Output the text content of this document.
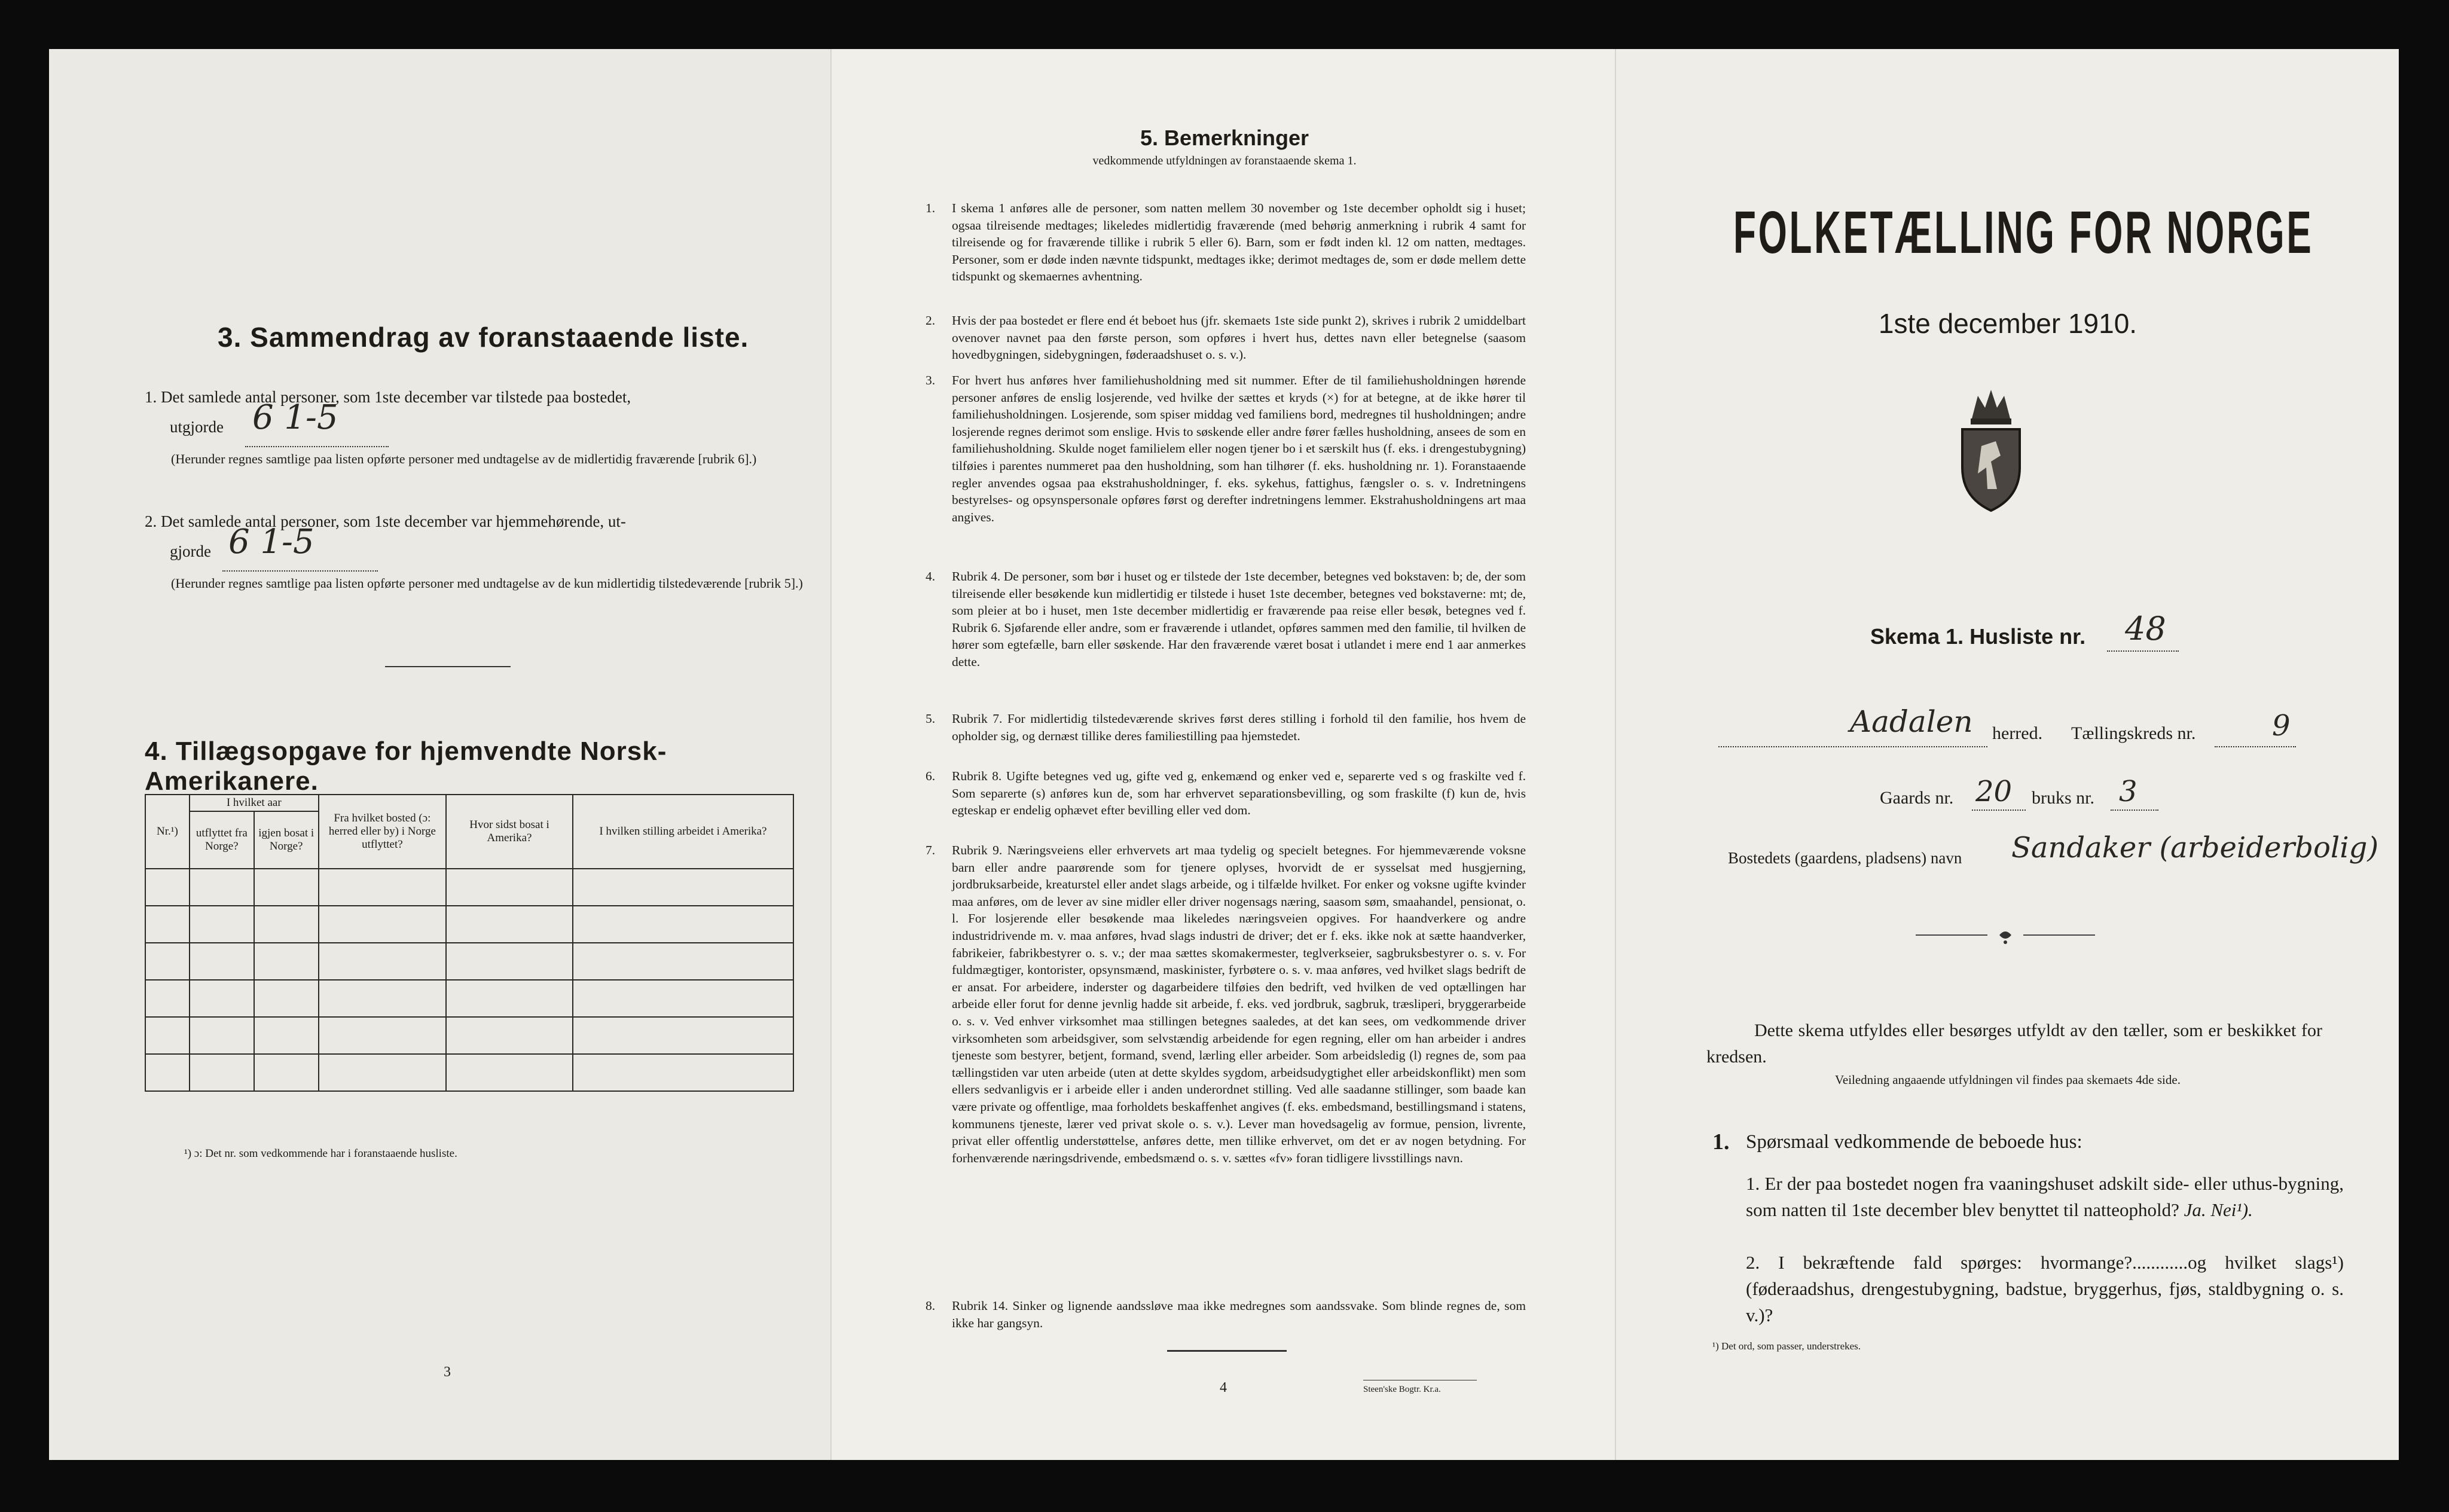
3. Sammendrag av foranstaaende liste.
1. Det samlede antal personer, som 1ste december var tilstede paa bostedet,
utgjorde 6 1-5
(Herunder regnes samtlige paa listen opførte personer med undtagelse av de midlertidig fraværende [rubrik 6].)
2. Det samlede antal personer, som 1ste december var hjemmehørende, ut-
gjorde 6 1-5
(Herunder regnes samtlige paa listen opførte personer med undtagelse av de kun midlertidig tilstedeværende [rubrik 5].)
4. Tillægsopgave for hjemvendte Norsk-Amerikanere.
Nr.¹)	I hvilket aar		Fra hvilket bosted (ɔ: herred eller by) i Norge utflyttet?	Hvor sidst bosat i Amerika?	I hvilken stilling arbeidet i Amerika?
	utflyttet fra Norge?	igjen bosat i Norge?			

¹) ɔ: Det nr. som vedkommende har i foranstaaende husliste.
3
5. Bemerkninger
vedkommende utfyldningen av foranstaaende skema 1.
1. I skema 1 anføres alle de personer, som natten mellem 30 november og 1ste december opholdt sig i huset; ogsaa tilreisende medtages; likeledes midlertidig fraværende (med behørig anmerkning i rubrik 4 samt for tilreisende og for fraværende tillike i rubrik 5 eller 6). Barn, som er født inden kl. 12 om natten, medtages. Personer, som er døde inden nævnte tidspunkt, medtages ikke; derimot medtages de, som er døde mellem dette tidspunkt og skemaernes avhentning.
2. Hvis der paa bostedet er flere end ét beboet hus (jfr. skemaets 1ste side punkt 2), skrives i rubrik 2 umiddelbart ovenover navnet paa den første person, som opføres i hvert hus, dettes navn eller betegnelse (saasom hovedbygningen, sidebygningen, føderaadshuset o. s. v.).
3. For hvert hus anføres hver familiehusholdning med sit nummer. Efter de til familiehusholdningen hørende personer anføres de enslig losjerende, ved hvilke der sættes et kryds (×) for at betegne, at de ikke hører til familiehusholdningen. Losjerende, som spiser middag ved familiens bord, medregnes til husholdningen; andre losjerende regnes derimot som enslige. Hvis to søskende eller andre fører fælles husholdning, ansees de som en familiehusholdning. Skulde noget familielem eller nogen tjener bo i et særskilt hus (f. eks. i drengestubygning) tilføies i parentes nummeret paa den husholdning, som han tilhører (f. eks. husholdning nr. 1). Foranstaaende regler anvendes ogsaa paa ekstrahusholdninger, f. eks. sykehus, fattighus, fængsler o. s. v. Indretningens bestyrelses- og opsynspersonale opføres først og derefter indretningens lemmer. Ekstrahusholdningens art maa angives.
4. Rubrik 4. De personer, som bør i huset og er tilstede der 1ste december, betegnes ved bokstaven: b; de, der som tilreisende eller besøkende kun midlertidig er tilstede i huset 1ste december, betegnes ved bokstaverne: mt; de, som pleier at bo i huset, men 1ste december midlertidig er fraværende paa reise eller besøk, betegnes ved f. Rubrik 6. Sjøfarende eller andre, som er fraværende i utlandet, opføres sammen med den familie, til hvilken de hører som egtefælle, barn eller søskende. Har den fraværende været bosat i utlandet i mere end 1 aar anmerkes dette.
5. Rubrik 7. For midlertidig tilstedeværende skrives først deres stilling i forhold til den familie, hos hvem de opholder sig, og dernæst tillike deres familiestilling paa hjemstedet.
6. Rubrik 8. Ugifte betegnes ved ug, gifte ved g, enkemænd og enker ved e, separerte ved s og fraskilte ved f. Som separerte (s) anføres kun de, som har erhvervet separationsbevilling, og som fraskilte (f) kun de, hvis egteskap er endelig ophævet efter bevilling eller ved dom.
7. Rubrik 9. Næringsveiens eller erhvervets art maa tydelig og specielt betegnes. For hjemmeværende voksne barn eller andre paarørende som for tjenere oplyses, hvorvidt de er sysselsat med husgjerning, jordbruksarbeide, kreaturstel eller andet slags arbeide, og i tilfælde hvilket. For enker og voksne ugifte kvinder maa anføres, om de lever av sine midler eller driver nogensags næring, saasom søm, smaahandel, pensionat, o. l. For losjerende eller besøkende maa likeledes næringsveien opgives. For haandverkere og andre industridrivende m. v. maa anføres, hvad slags industri de driver; det er f. eks. ikke nok at sætte haandverker, fabrikeier, fabrikbestyrer o. s. v.; der maa sættes skomakermester, teglverkseier, sagbruksbestyrer o. s. v. For fuldmægtiger, kontorister, opsynsmænd, maskinister, fyrbøtere o. s. v. maa anføres, ved hvilket slags bedrift de er ansat. For arbeidere, inderster og dagarbeidere tilføies den bedrift, ved hvilken de ved optællingen har arbeide eller forut for denne jevnlig hadde sit arbeide, f. eks. ved jordbruk, sagbruk, træsliperi, bryggerarbeide o. s. v. Ved enhver virksomhet maa stillingen betegnes saaledes, at det kan sees, om vedkommende driver virksomheten som arbeidsgiver, som selvstændig arbeidende for egen regning, eller om han arbeider i andres tjeneste som bestyrer, betjent, formand, svend, lærling eller arbeider. Som arbeidsledig (l) regnes de, som paa tællingstiden var uten arbeide (uten at dette skyldes sygdom, arbeidsudygtighet eller arbeidskonflikt) men som ellers sedvanligvis er i arbeide eller i anden underordnet stilling. Ved alle saadanne stillinger, som baade kan være private og offentlige, maa forholdets beskaffenhet angives (f. eks. embedsmand, bestillingsmand i statens, kommunens tjeneste, lærer ved privat skole o. s. v.). Lever man hovedsagelig av formue, pension, livrente, privat eller offentlig understøttelse, anføres dette, men tillike erhvervet, om det er av nogen betydning. For forhenværende næringsdrivende, embedsmænd o. s. v. sættes «fv» foran tidligere livsstillings navn.
8. Rubrik 14. Sinker og lignende aandssløve maa ikke medregnes som aandssvake. Som blinde regnes de, som ikke har gangsyn.
4	Steen'ske Bogtr. Kr.a.
FOLKETÆLLING FOR NORGE
1ste december 1910.
Skema 1. Husliste nr. 48
Aadalen herred. Tællingskreds nr.	9
Gaards nr. 20 bruks nr. 3
Bostedets (gaardens, pladsens) navn Sandaker (arbeiderbolig)
Dette skema utfyldes eller besørges utfyldt av den tæller, som er beskikket for kredsen.
Veiledning angaaende utfyldningen vil findes paa skemaets 4de side.
1. Spørsmaal vedkommende de beboede hus:
1. Er der paa bostedet nogen fra vaaningshuset adskilt side- eller uthus-bygning, som natten til 1ste december blev benyttet til natteophold? Ja. Nei¹).
2. I bekræftende fald spørges: hvormange?............og hvilket slags¹) (føderaadshus, drengestubygning, badstue, bryggerhus, fjøs, staldbygning o. s. v.)?
¹) Det ord, som passer, understrekes.
